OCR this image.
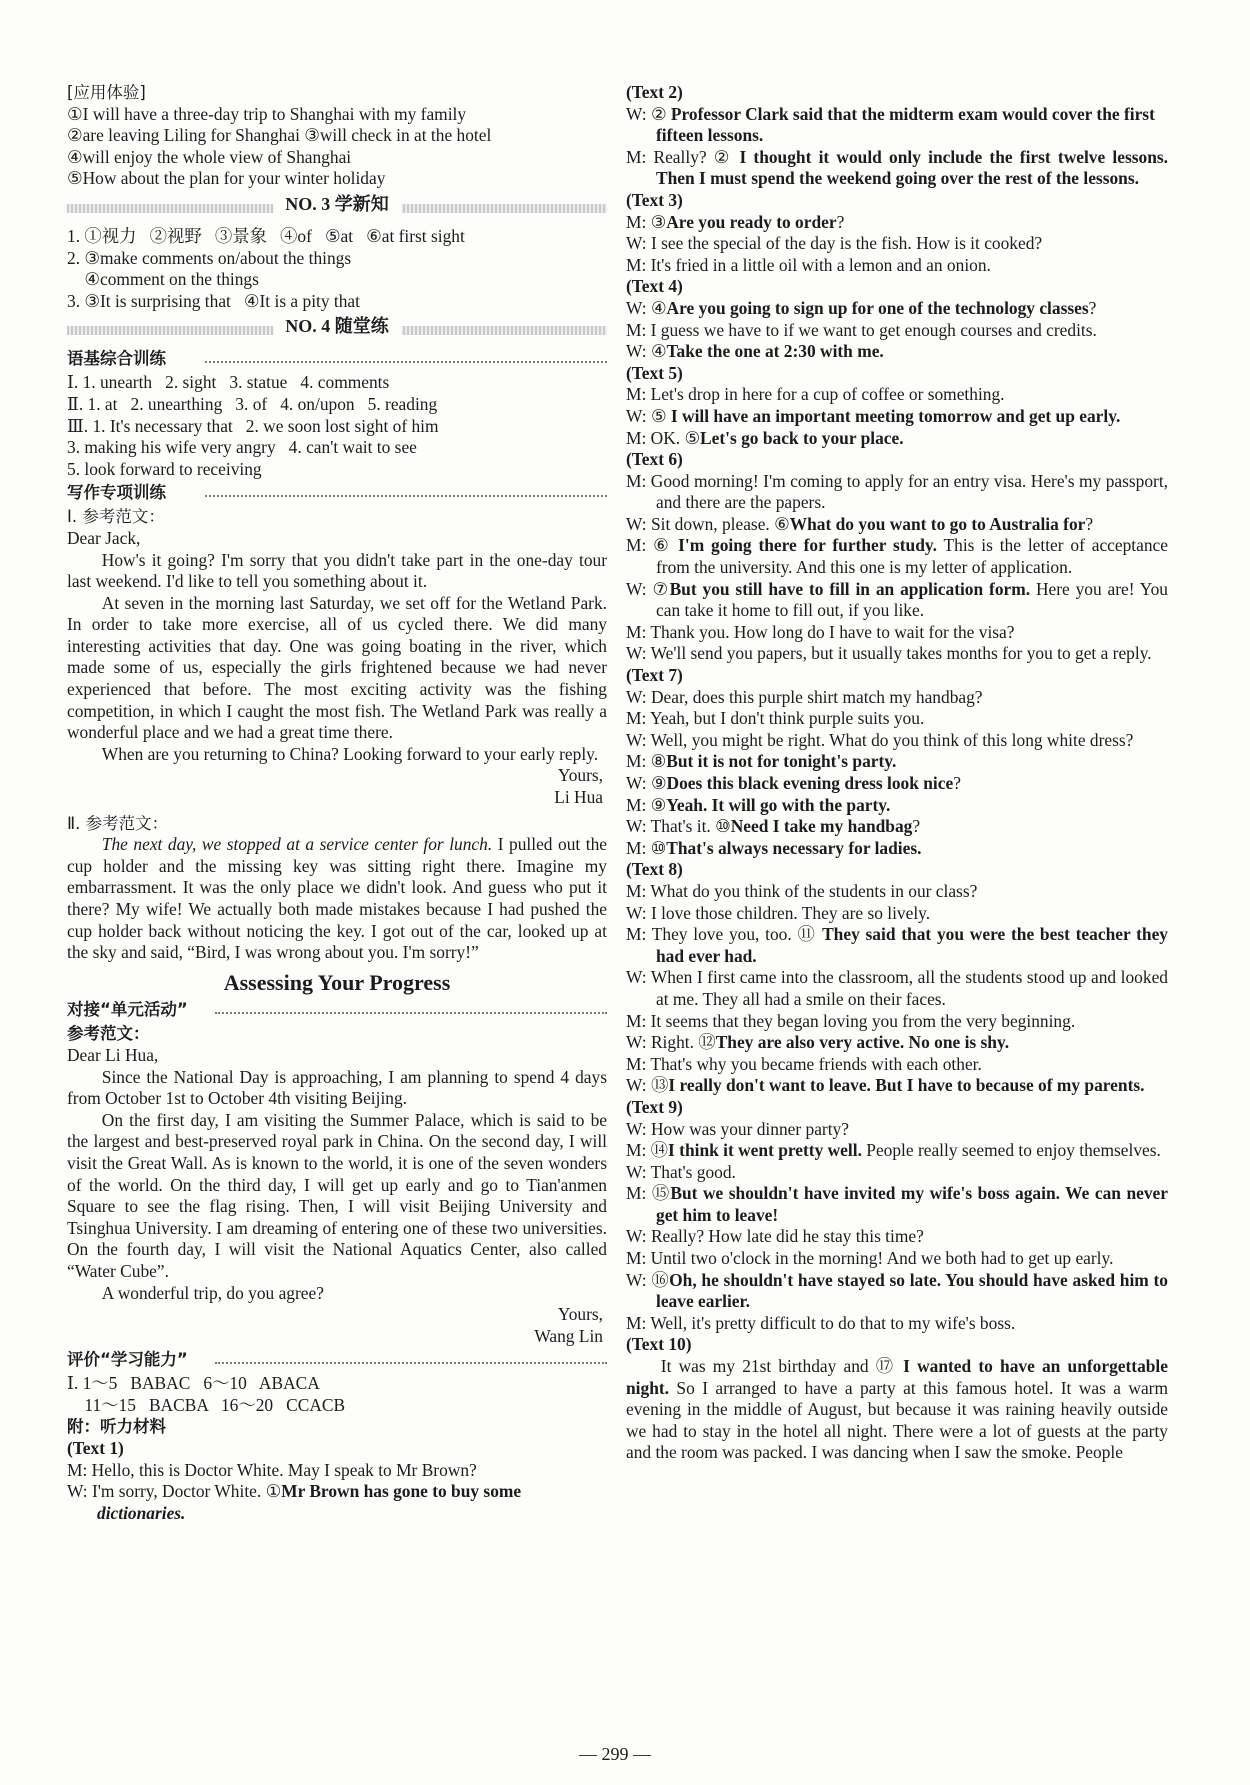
[应用体验]
①I will have a three-day trip to Shanghai with my family
②are leaving Liling for Shanghai ③will check in at the hotel
④will enjoy the whole view of Shanghai
⑤How about the plan for your winter holiday
NO. 3 学新知
1. ①视力   ②视野   ③景象   ④of   ⑤at   ⑥at first sight
2. ③make comments on/about the things
④comment on the things
3. ③It is surprising that   ④It is a pity that
NO. 4 随堂练
语基综合训练
Ⅰ. 1. unearth   2. sight   3. statue   4. comments
Ⅱ. 1. at   2. unearthing   3. of   4. on/upon   5. reading
Ⅲ. 1. It's necessary that   2. we soon lost sight of him
3. making his wife very angry   4. can't wait to see
5. look forward to receiving
写作专项训练
Ⅰ. 参考范文：
Dear Jack,
How's it going? I'm sorry that you didn't take part in the one-day tour last weekend. I'd like to tell you something about it.
At seven in the morning last Saturday, we set off for the Wetland Park. In order to take more exercise, all of us cycled there. We did many interesting activities that day. One was going boating in the river, which made some of us, especially the girls frightened because we had never experienced that before. The most exciting activity was the fishing competition, in which I caught the most fish. The Wetland Park was really a wonderful place and we had a great time there.
When are you returning to China? Looking forward to your early reply.
Yours,
Li Hua
Ⅱ. 参考范文：
The next day, we stopped at a service center for lunch. I pulled out the cup holder and the missing key was sitting right there. Imagine my embarrassment. It was the only place we didn't look. And guess who put it there? My wife! We actually both made mistakes because I had pushed the cup holder back without noticing the key. I got out of the car, looked up at the sky and said, “Bird, I was wrong about you. I'm sorry!”
Assessing Your Progress
对接“单元活动”
参考范文：
Dear Li Hua,
Since the National Day is approaching, I am planning to spend 4 days from October 1st to October 4th visiting Beijing.
On the first day, I am visiting the Summer Palace, which is said to be the largest and best-preserved royal park in China. On the second day, I will visit the Great Wall. As is known to the world, it is one of the seven wonders of the world. On the third day, I will get up early and go to Tian'anmen Square to see the flag rising. Then, I will visit Beijing University and Tsinghua University. I am dreaming of entering one of these two universities. On the fourth day, I will visit the National Aquatics Center, also called “Water Cube”.
A wonderful trip, do you agree?
Yours,
Wang Lin
评价“学习能力”
Ⅰ. 1～5   BABAC   6～10   ABACA
11～15   BACBA   16～20   CCACB
附：听力材料
(Text 1)
M: Hello, this is Doctor White. May I speak to Mr Brown?
W: I'm sorry, Doctor White. ①Mr Brown has gone to buy some
dictionaries.
(Text 2)
W: ② Professor Clark said that the midterm exam would cover the first fifteen lessons.
M: Really? ② I thought it would only include the first twelve lessons. Then I must spend the weekend going over the rest of the lessons.
(Text 3)
M: ③Are you ready to order?
W: I see the special of the day is the fish. How is it cooked?
M: It's fried in a little oil with a lemon and an onion.
(Text 4)
W: ④Are you going to sign up for one of the technology classes?
M: I guess we have to if we want to get enough courses and credits.
W: ④Take the one at 2:30 with me.
(Text 5)
M: Let's drop in here for a cup of coffee or something.
W: ⑤ I will have an important meeting tomorrow and get up early.
M: OK. ⑤Let's go back to your place.
(Text 6)
M: Good morning! I'm coming to apply for an entry visa. Here's my passport, and there are the papers.
W: Sit down, please. ⑥What do you want to go to Australia for?
M: ⑥ I'm going there for further study. This is the letter of acceptance from the university. And this one is my letter of application.
W: ⑦But you still have to fill in an application form. Here you are! You can take it home to fill out, if you like.
M: Thank you. How long do I have to wait for the visa?
W: We'll send you papers, but it usually takes months for you to get a reply.
(Text 7)
W: Dear, does this purple shirt match my handbag?
M: Yeah, but I don't think purple suits you.
W: Well, you might be right. What do you think of this long white dress?
M: ⑧But it is not for tonight's party.
W: ⑨Does this black evening dress look nice?
M: ⑨Yeah. It will go with the party.
W: That's it. ⑩Need I take my handbag?
M: ⑩That's always necessary for ladies.
(Text 8)
M: What do you think of the students in our class?
W: I love those children. They are so lively.
M: They love you, too. ⑪ They said that you were the best teacher they had ever had.
W: When I first came into the classroom, all the students stood up and looked at me. They all had a smile on their faces.
M: It seems that they began loving you from the very beginning.
W: Right. ⑫They are also very active. No one is shy.
M: That's why you became friends with each other.
W: ⑬I really don't want to leave. But I have to because of my parents.
(Text 9)
W: How was your dinner party?
M: ⑭I think it went pretty well. People really seemed to enjoy themselves.
W: That's good.
M: ⑮But we shouldn't have invited my wife's boss again. We can never get him to leave!
W: Really? How late did he stay this time?
M: Until two o'clock in the morning! And we both had to get up early.
W: ⑯Oh, he shouldn't have stayed so late. You should have asked him to leave earlier.
M: Well, it's pretty difficult to do that to my wife's boss.
(Text 10)
It was my 21st birthday and ⑰ I wanted to have an unforgettable night. So I arranged to have a party at this famous hotel. It was a warm evening in the middle of August, but because it was raining heavily outside we had to stay in the hotel all night. There were a lot of guests at the party and the room was packed. I was dancing when I saw the smoke. People
— 299 —
